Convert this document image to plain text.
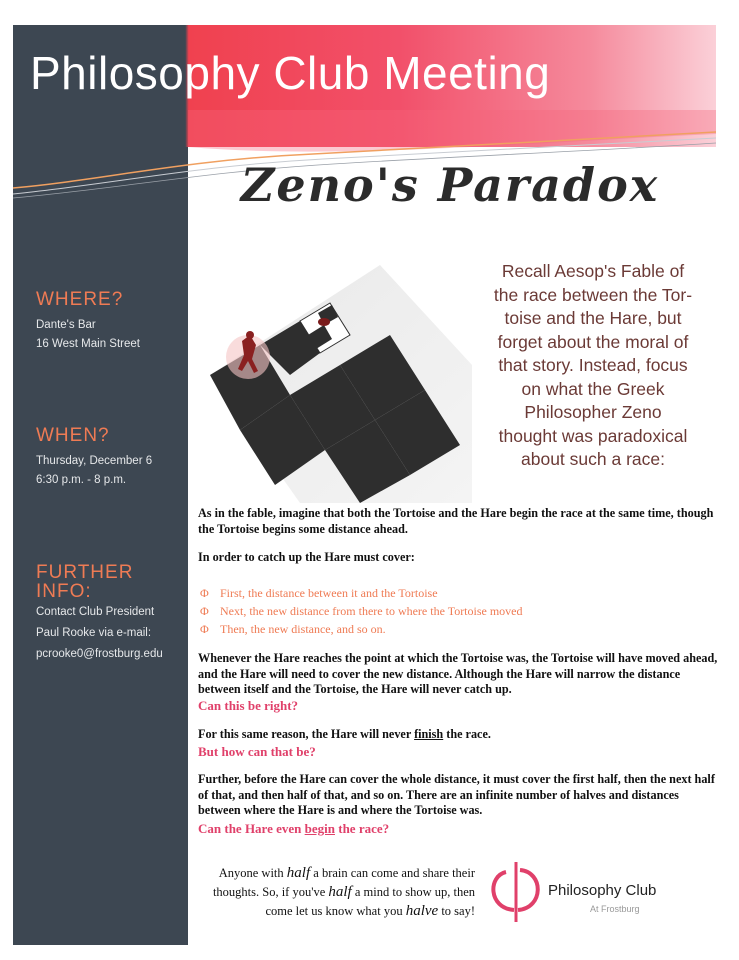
Philosophy Club Meeting
Zeno's Paradox
WHERE?
Dante's Bar
16 West Main Street
WHEN?
Thursday, December 6
6:30 p.m. - 8 p.m.
FURTHER
INFO:
Contact Club President
Paul Rooke via e-mail:
pcrooke0@frostburg.edu
Recall Aesop's Fable of
the race between the Tor-
toise and the Hare, but
forget about the moral of
that story. Instead, focus
on what the Greek
Philosopher Zeno
thought was paradoxical
about such a race:
As in the fable, imagine that both the Tortoise and the Hare begin the race at the same time, though the Tortoise begins some distance ahead.
In order to catch up the Hare must cover:
Φ First, the distance between it and the Tortoise
Φ Next, the new distance from there to where the Tortoise moved
Φ Then, the new distance, and so on.
Whenever the Hare reaches the point at which the Tortoise was, the Tortoise will have moved ahead, and the Hare will need to cover the new distance. Although the Hare will narrow the distance between itself and the Tortoise, the Hare will never catch up.
Can this be right?
For this same reason, the Hare will never finish the race.
But how can that be?
Further, before the Hare can cover the whole distance, it must cover the first half, then the next half of that, and then half of that, and so on. There are an infinite number of halves and distances between where the Hare is and where the Tortoise was.
Can the Hare even begin the race?
Anyone with half a brain can come and share their
thoughts. So, if you've half a mind to show up, then
come let us know what you halve to say!
Philosophy Club
At Frostburg
